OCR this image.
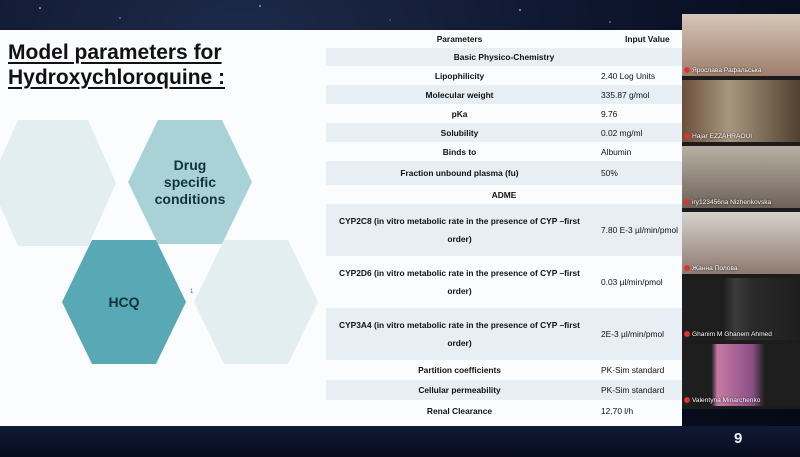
Model parameters for
Hydroxychloroquine :
Drug
specific
conditions
HCQ
1	10
Parameters	Input Value
Basic Physico-Chemistry	
Lipophilicity	2.40 Log Units
Molecular weight	335.87 g/mol
pKa	9.76
Solubility	0.02 mg/ml
Binds to	Albumin
Fraction unbound plasma (fu)	50%
ADME	
CYP2C8 (in vitro metabolic rate in the presence of CYP –first order)	7.80 E-3 µl/min/pmol
CYP2D6 (in vitro metabolic rate in the presence of CYP –first order)	0.03 µl/min/pmol
CYP3A4 (in vitro metabolic rate in the presence of CYP –first order)	2E-3 µl/min/pmol
Partition coefficients	PK-Sim standard
Cellular permeability	PK-Sim standard
Renal Clearance	12,70 l/h
9
Ярослава Рафальська
Hajar EZZAHRAOUI
iry123456na Nizhenkovska
Жанна Полова
Ghanim M Ghanem Ahmed
Valentyna Minarchenko
